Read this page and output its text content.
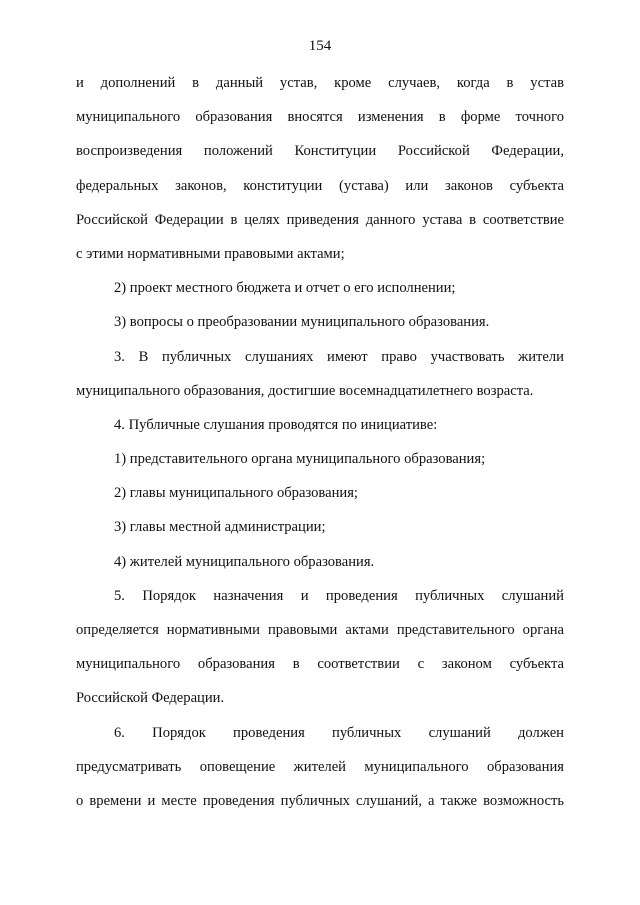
154
и дополнений в данный устав, кроме случаев, когда в устав
муниципального образования вносятся изменения в форме точного
воспроизведения положений Конституции Российской Федерации,
федеральных законов, конституции (устава) или законов субъекта
Российской Федерации в целях приведения данного устава в соответствие
с этими нормативными правовыми актами;
2) проект местного бюджета и отчет о его исполнении;
3) вопросы о преобразовании муниципального образования.
3. В публичных слушаниях имеют право участвовать жители
муниципального образования, достигшие восемнадцатилетнего возраста.
4. Публичные слушания проводятся по инициативе:
1) представительного органа муниципального образования;
2) главы муниципального образования;
3) главы местной администрации;
4) жителей муниципального образования.
5. Порядок назначения и проведения публичных слушаний
определяется нормативными правовыми актами представительного органа
муниципального образования в соответствии с законом субъекта
Российской Федерации.
6. Порядок проведения публичных слушаний должен
предусматривать оповещение жителей муниципального образования
о времени и месте проведения публичных слушаний, а также возможность
